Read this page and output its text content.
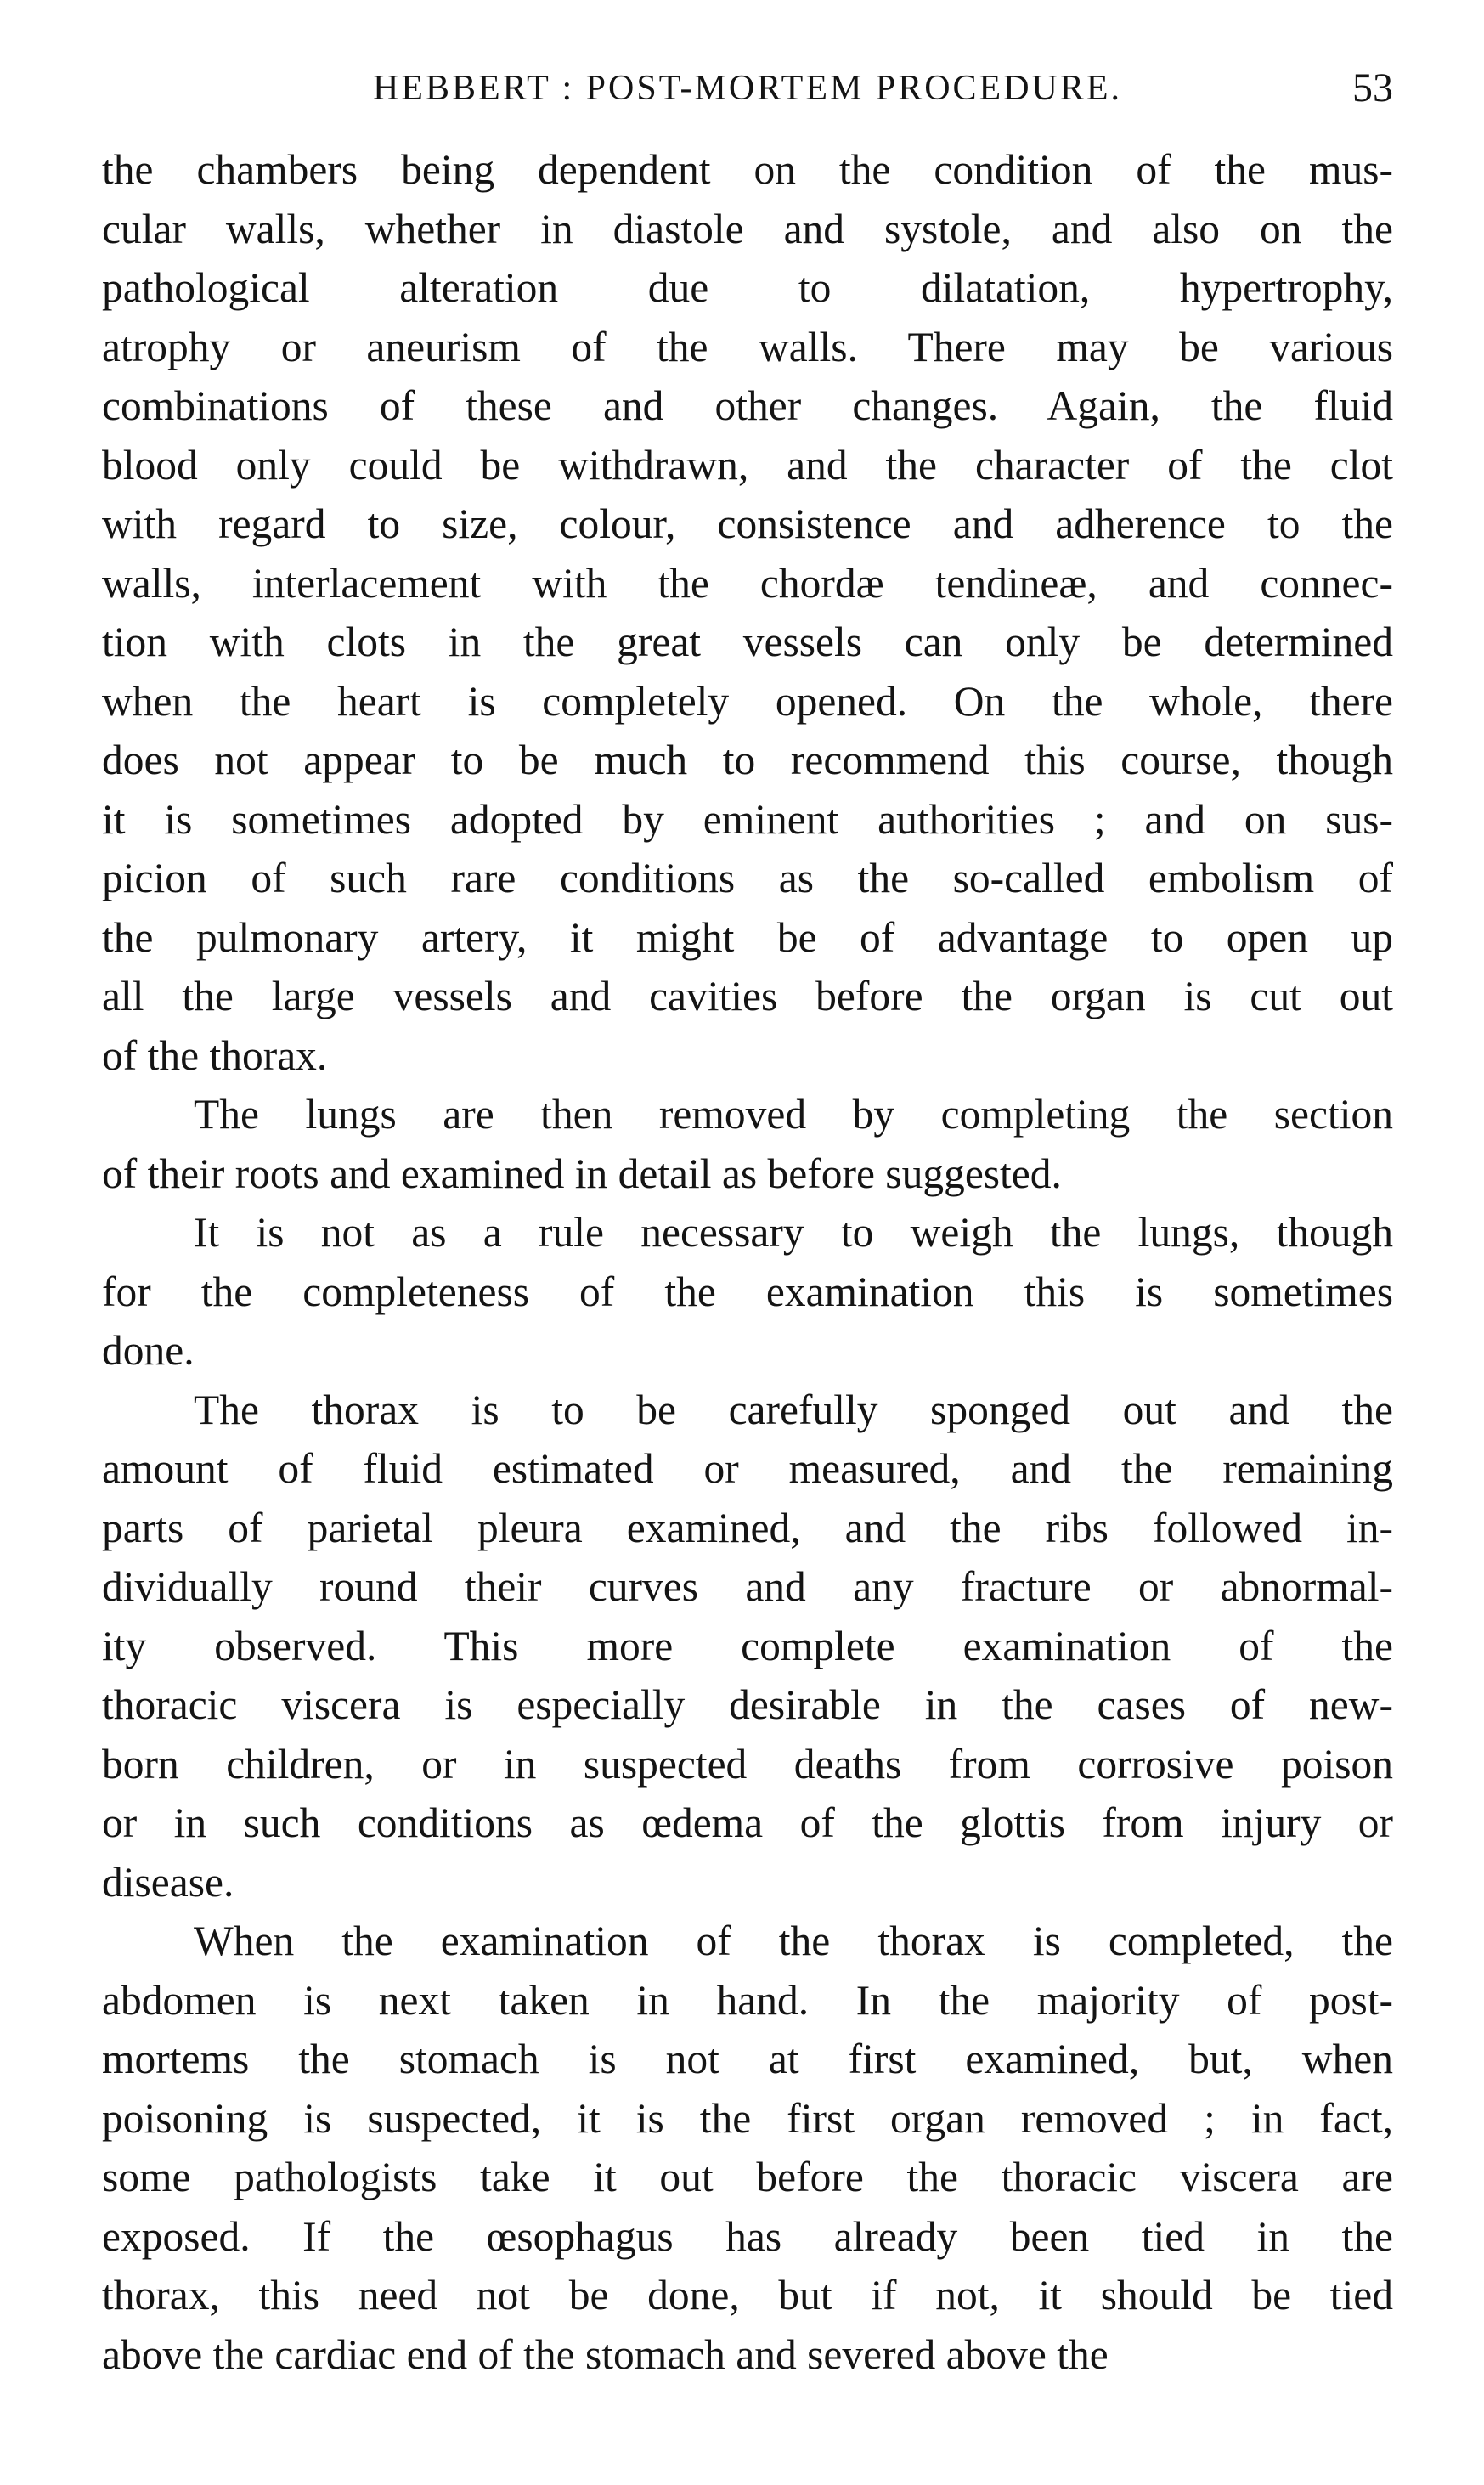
HEBBERT : POST-MORTEM PROCEDURE.	53
the chambers being dependent on the condition of the mus-
cular walls, whether in diastole and systole, and also on the
pathological alteration due to dilatation, hypertrophy,
atrophy or aneurism of the walls. There may be various
combinations of these and other changes. Again, the fluid
blood only could be withdrawn, and the character of the clot
with regard to size, colour, consistence and adherence to the
walls, interlacement with the chordæ tendineæ, and connec-
tion with clots in the great vessels can only be determined
when the heart is completely opened. On the whole, there
does not appear to be much to recommend this course, though
it is sometimes adopted by eminent authorities ; and on sus-
picion of such rare conditions as the so-called embolism of
the pulmonary artery, it might be of advantage to open up
all the large vessels and cavities before the organ is cut out
of the thorax.
The lungs are then removed by completing the section
of their roots and examined in detail as before suggested.
It is not as a rule necessary to weigh the lungs, though
for the completeness of the examination this is sometimes
done.
The thorax is to be carefully sponged out and the
amount of fluid estimated or measured, and the remaining
parts of parietal pleura examined, and the ribs followed in-
dividually round their curves and any fracture or abnormal-
ity observed. This more complete examination of the
thoracic viscera is especially desirable in the cases of new-
born children, or in suspected deaths from corrosive poison
or in such conditions as œdema of the glottis from injury or
disease.
When the examination of the thorax is completed, the
abdomen is next taken in hand. In the majority of post-
mortems the stomach is not at first examined, but, when
poisoning is suspected, it is the first organ removed ; in fact,
some pathologists take it out before the thoracic viscera are
exposed. If the œsophagus has already been tied in the
thorax, this need not be done, but if not, it should be tied
above the cardiac end of the stomach and severed above the
